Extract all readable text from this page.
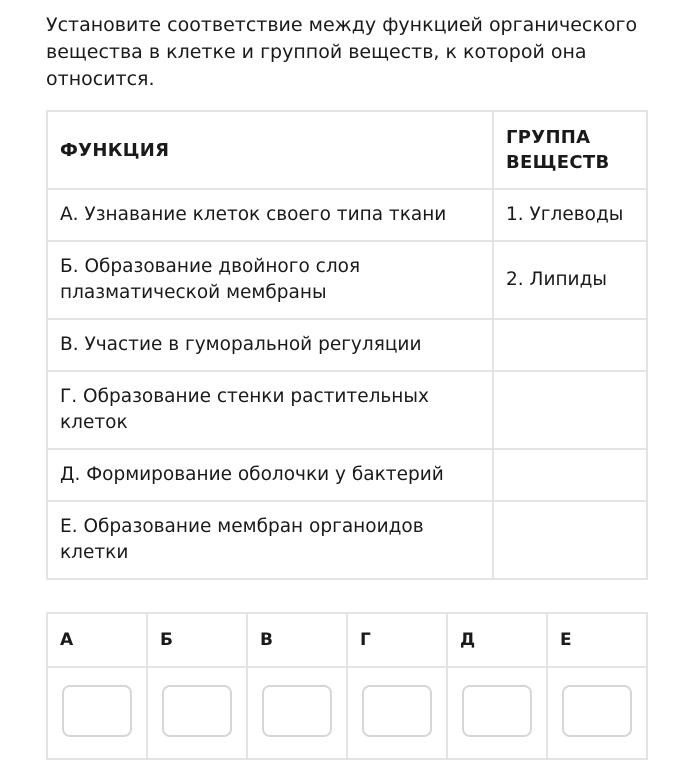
Установите соответствие между функцией органического вещества в клетке и группой веществ, к которой она относится.

ФУНКЦИЯ	ГРУППА ВЕЩЕСТВ
А. Узнавание клеток своего типа ткани	1. Углеводы
Б. Образование двойного слоя плазматической мембраны	2. Липиды
В. Участие в гуморальной регуляции	
Г. Образование стенки растительных клеток	
Д. Формирование оболочки у бактерий	
Е. Образование мембран органоидов клетки	
А	Б	В	Г	Д	Е
